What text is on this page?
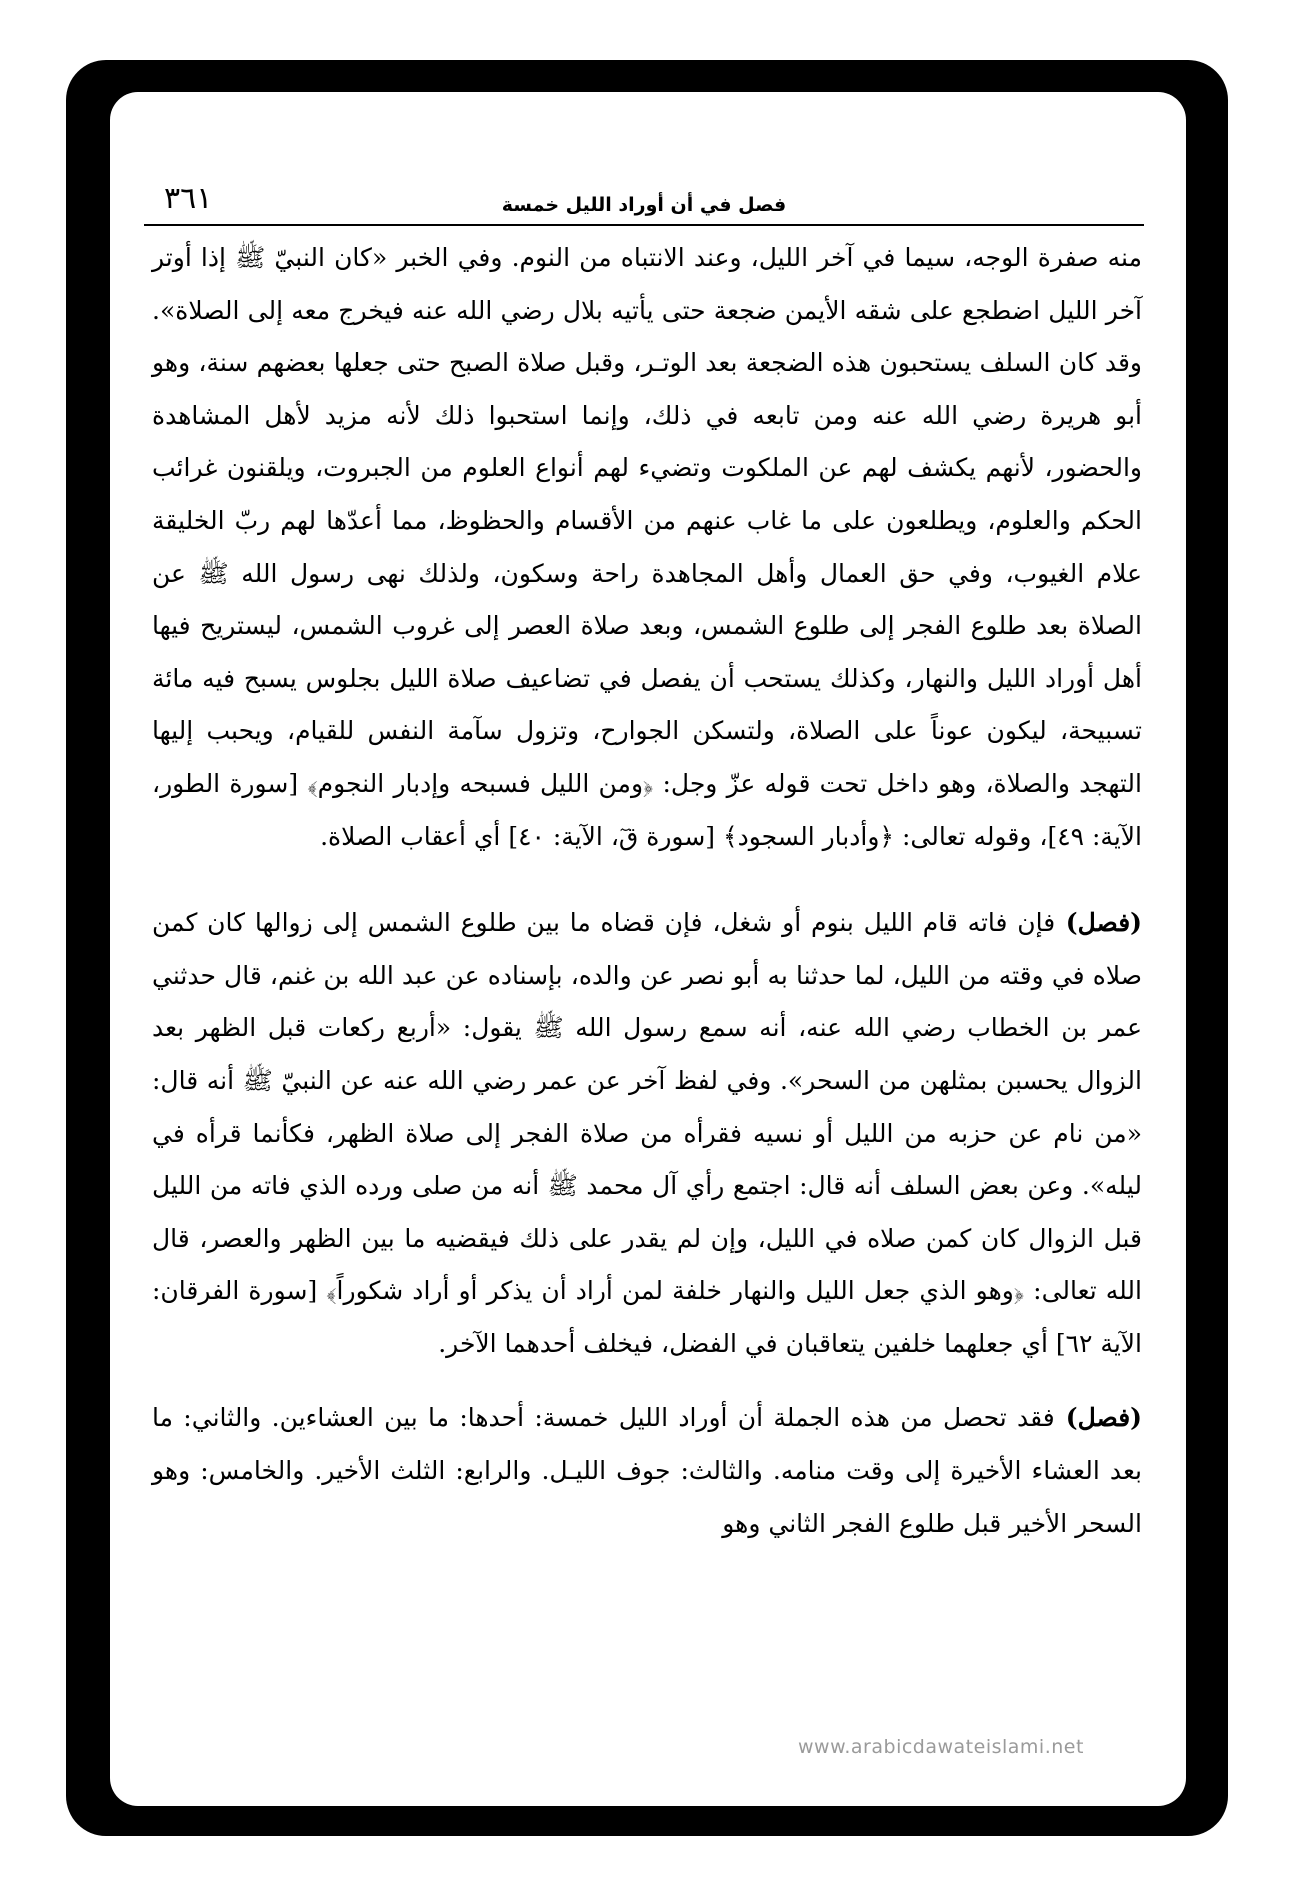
فصل في أن أوراد الليل خمسة
٣٦١

منه صفرة الوجه، سيما في آخر الليل، وعند الانتباه من النوم. وفي الخبر «كان النبيّ ﷺ إذا أوتر آخر الليل اضطجع على شقه الأيمن ضجعة حتى يأتيه بلال رضي الله عنه فيخرج معه إلى الصلاة». وقد كان السلف يستحبون هذه الضجعة بعد الوتـر، وقبل صلاة الصبح حتى جعلها بعضهم سنة، وهو أبو هريرة رضي الله عنه ومن تابعه في ذلك، وإنما استحبوا ذلك لأنه مزيد لأهل المشاهدة والحضور، لأنهم يكشف لهم عن الملكوت وتضيء لهم أنواع العلوم من الجبروت، ويلقنون غرائب الحكم والعلوم، ويطلعون على ما غاب عنهم من الأقسام والحظوظ، مما أعدّها لهم ربّ الخليقة علام الغيوب، وفي حق العمال وأهل المجاهدة راحة وسكون، ولذلك نهى رسول الله ﷺ عن الصلاة بعد طلوع الفجر إلى طلوع الشمس، وبعد صلاة العصر إلى غروب الشمس، ليستريح فيها أهل أوراد الليل والنهار، وكذلك يستحب أن يفصل في تضاعيف صلاة الليل بجلوس يسبح فيه مائة تسبيحة، ليكون عوناً على الصلاة، ولتسكن الجوارح، وتزول سآمة النفس للقيام، ويحبب إليها التهجد والصلاة، وهو داخل تحت قوله عزّ وجل: ﴿ومن الليل فسبحه وإدبار النجوم﴾ [سورة الطور، الآية: ٤٩]، وقوله تعالى: ﴿وأدبار السجود﴾ [سورة قٓ، الآية: ٤٠] أي أعقاب الصلاة.

(فصل) فإن فاته قام الليل بنوم أو شغل، فإن قضاه ما بين طلوع الشمس إلى زوالها كان كمن صلاه في وقته من الليل، لما حدثنا به أبو نصر عن والده، بإسناده عن عبد الله بن غنم، قال حدثني عمر بن الخطاب رضي الله عنه، أنه سمع رسول الله ﷺ يقول: «أربع ركعات قبل الظهر بعد الزوال يحسبن بمثلهن من السحر». وفي لفظ آخر عن عمر رضي الله عنه عن النبيّ ﷺ أنه قال: «من نام عن حزبه من الليل أو نسيه فقرأه من صلاة الفجر إلى صلاة الظهر، فكأنما قرأه في ليله». وعن بعض السلف أنه قال: اجتمع رأي آل محمد ﷺ أنه من صلى ورده الذي فاته من الليل قبل الزوال كان كمن صلاه في الليل، وإن لم يقدر على ذلك فيقضيه ما بين الظهر والعصر، قال الله تعالى: ﴿وهو الذي جعل الليل والنهار خلفة لمن أراد أن يذكر أو أراد شكوراً﴾ [سورة الفرقان: الآية ٦٢] أي جعلهما خلفين يتعاقبان في الفضل، فيخلف أحدهما الآخر.

(فصل) فقد تحصل من هذه الجملة أن أوراد الليل خمسة: أحدها: ما بين العشاءين. والثاني: ما بعد العشاء الأخيرة إلى وقت منامه. والثالث: جوف الليـل. والرابع: الثلث الأخير. والخامس: وهو السحر الأخير قبل طلوع الفجر الثاني وهو

www.arabicdawateislami.net
